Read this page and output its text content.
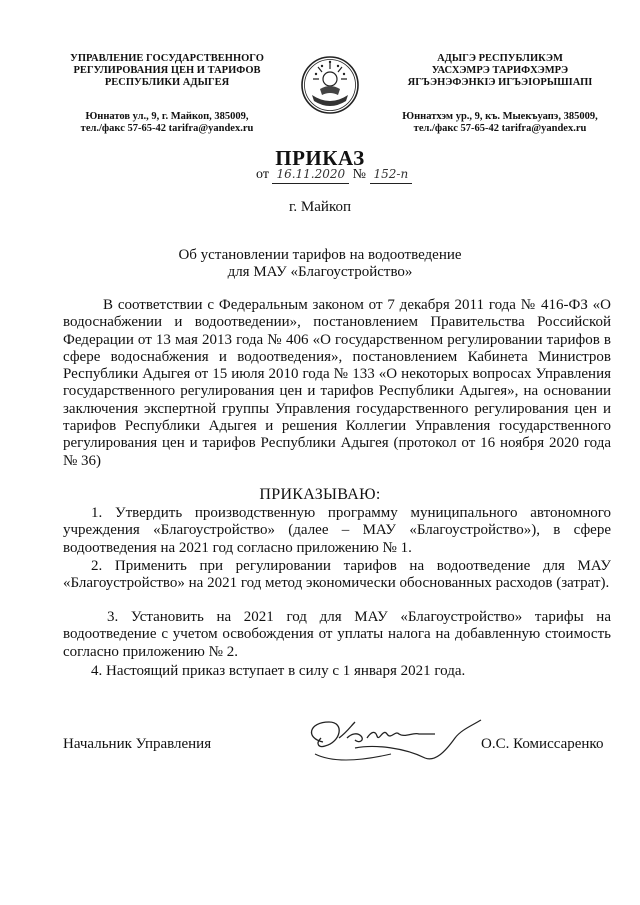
УПРАВЛЕНИЕ ГОСУДАРСТВЕННОГО
РЕГУЛИРОВАНИЯ ЦЕН И ТАРИФОВ
РЕСПУБЛИКИ АДЫГЕЯ
Юннатов ул., 9, г. Майкоп, 385009,
тел./факс 57-65-42 tarifra@yandex.ru
АДЫГЭ РЕСПУБЛИКЭМ
УАСХЭМРЭ ТАРИФХЭМРЭ
ЯГЪЭНЭФЭНКIЭ ИГЪЭIОРЫШIАПI
Юннатхэм ур., 9, къ. Мыекъуапэ, 385009,
тел./факс 57-65-42 tarifra@yandex.ru
ПРИКАЗ
от 16.11.2020 № 152-п
г. Майкоп
Об установлении тарифов на водоотведение
для МАУ «Благоустройство»
В соответствии с Федеральным законом от 7 декабря 2011 года № 416-ФЗ «О водоснабжении и водоотведении», постановлением Правительства Российской Федерации от 13 мая 2013 года № 406 «О государственном регулировании тарифов в сфере водоснабжения и водоотведения», постановлением Кабинета Министров Республики Адыгея от 15 июля 2010 года № 133 «О некоторых вопросах Управления государственного регулирования цен и тарифов Республики Адыгея», на основании заключения экспертной группы Управления государственного регулирования цен и тарифов Республики Адыгея и решения Коллегии Управления государственного регулирования цен и тарифов Республики Адыгея (протокол от 16 ноября 2020 года № 36)
ПРИКАЗЫВАЮ:
1. Утвердить производственную программу муниципального автономного учреждения «Благоустройство» (далее – МАУ «Благоустройство»), в сфере водоотведения на 2021 год согласно приложению № 1.
2. Применить при регулировании тарифов на водоотведение для МАУ «Благоустройство» на 2021 год метод экономически обоснованных расходов (затрат).
3. Установить на 2021 год для МАУ «Благоустройство» тарифы на водоотведение с учетом освобождения от уплаты налога на добавленную стоимость согласно приложению № 2.
4. Настоящий приказ вступает в силу с 1 января 2021 года.
Начальник Управления	О.С. Комиссаренко
